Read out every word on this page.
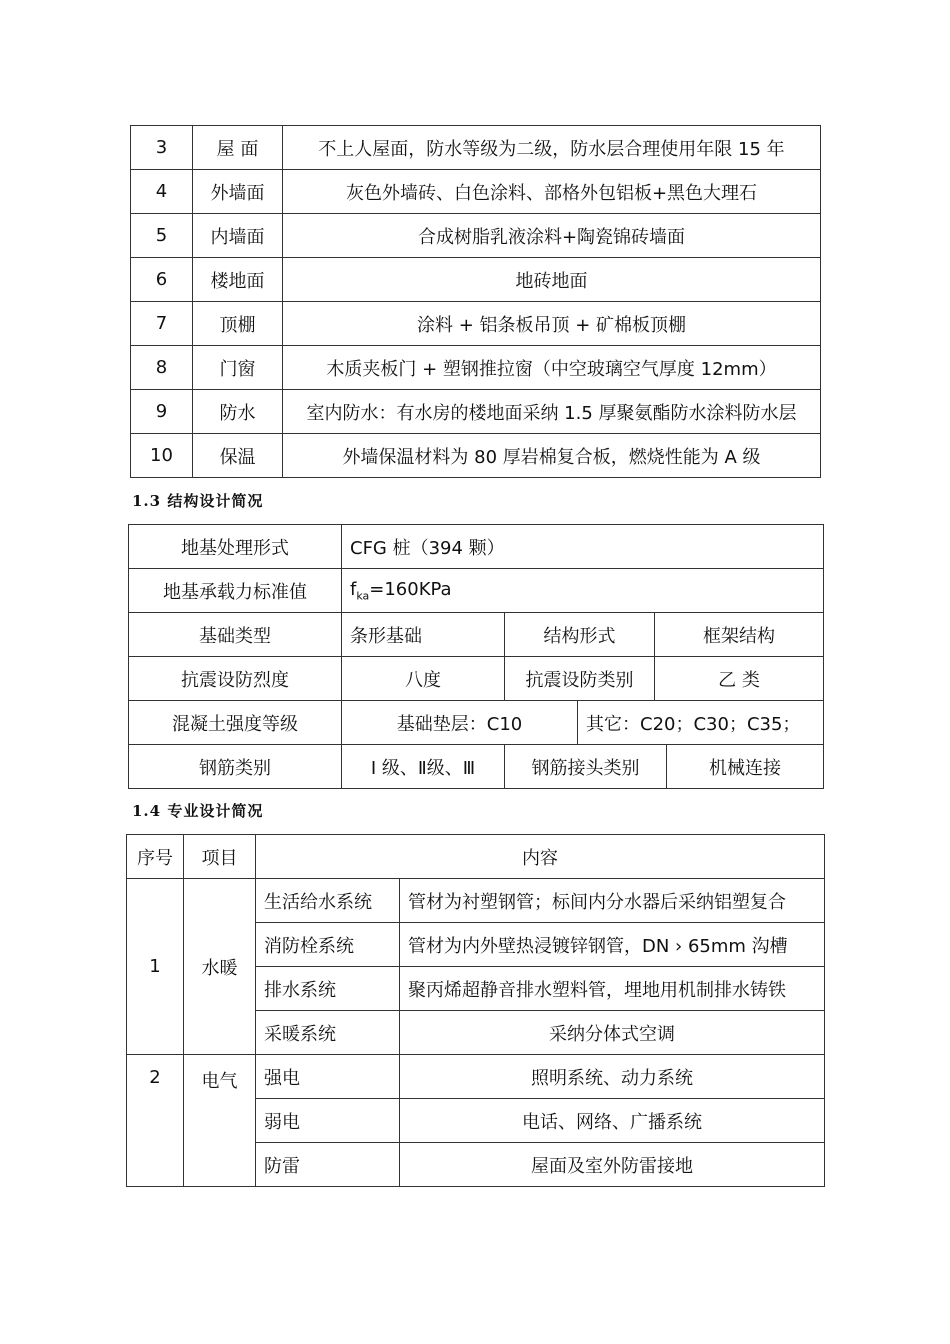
3	屋 面	不上人屋面，防水等级为二级，防水层合理使用年限 15 年
4	外墙面	灰色外墙砖、白色涂料、部格外包铝板+黑色大理石
5	内墙面	合成树脂乳液涂料+陶瓷锦砖墙面
6	楼地面	地砖地面
7	顶棚	涂料 + 铝条板吊顶 + 矿棉板顶棚
8	门窗	木质夹板门 + 塑钢推拉窗（中空玻璃空气厚度 12mm）
9	防水	室内防水：有水房的楼地面采纳 1.5 厚聚氨酯防水涂料防水层
10	保温	外墙保温材料为 80 厚岩棉复合板，燃烧性能为 A 级
1.3 结构设计简况
地基处理形式	CFG 桩（394 颗）				
地基承载力标准值	$f_{ka}=160KPa$				
基础类型	条形基础	结构形式		框架结构	
抗震设防烈度	八度	抗震设防类别		乙 类	
混凝土强度等级	基础垫层：C10		其它：C20；C30；C35；		
钢筋类别	Ⅰ 级、Ⅱ级、Ⅲ	钢筋接头类别			机械连接
1.4 专业设计简况
序号	项目	内容	
1	水暖	生活给水系统	管材为衬塑钢管；标间内分水器后采纳铝塑复合
		消防栓系统	管材为内外壁热浸镀锌钢管，DN › 65mm 沟槽
		排水系统	聚丙烯超静音排水塑料管，埋地用机制排水铸铁
		采暖系统	采纳分体式空调
2	电气	强电	照明系统、动力系统
		弱电	电话、网络、广播系统
		防雷	屋面及室外防雷接地
